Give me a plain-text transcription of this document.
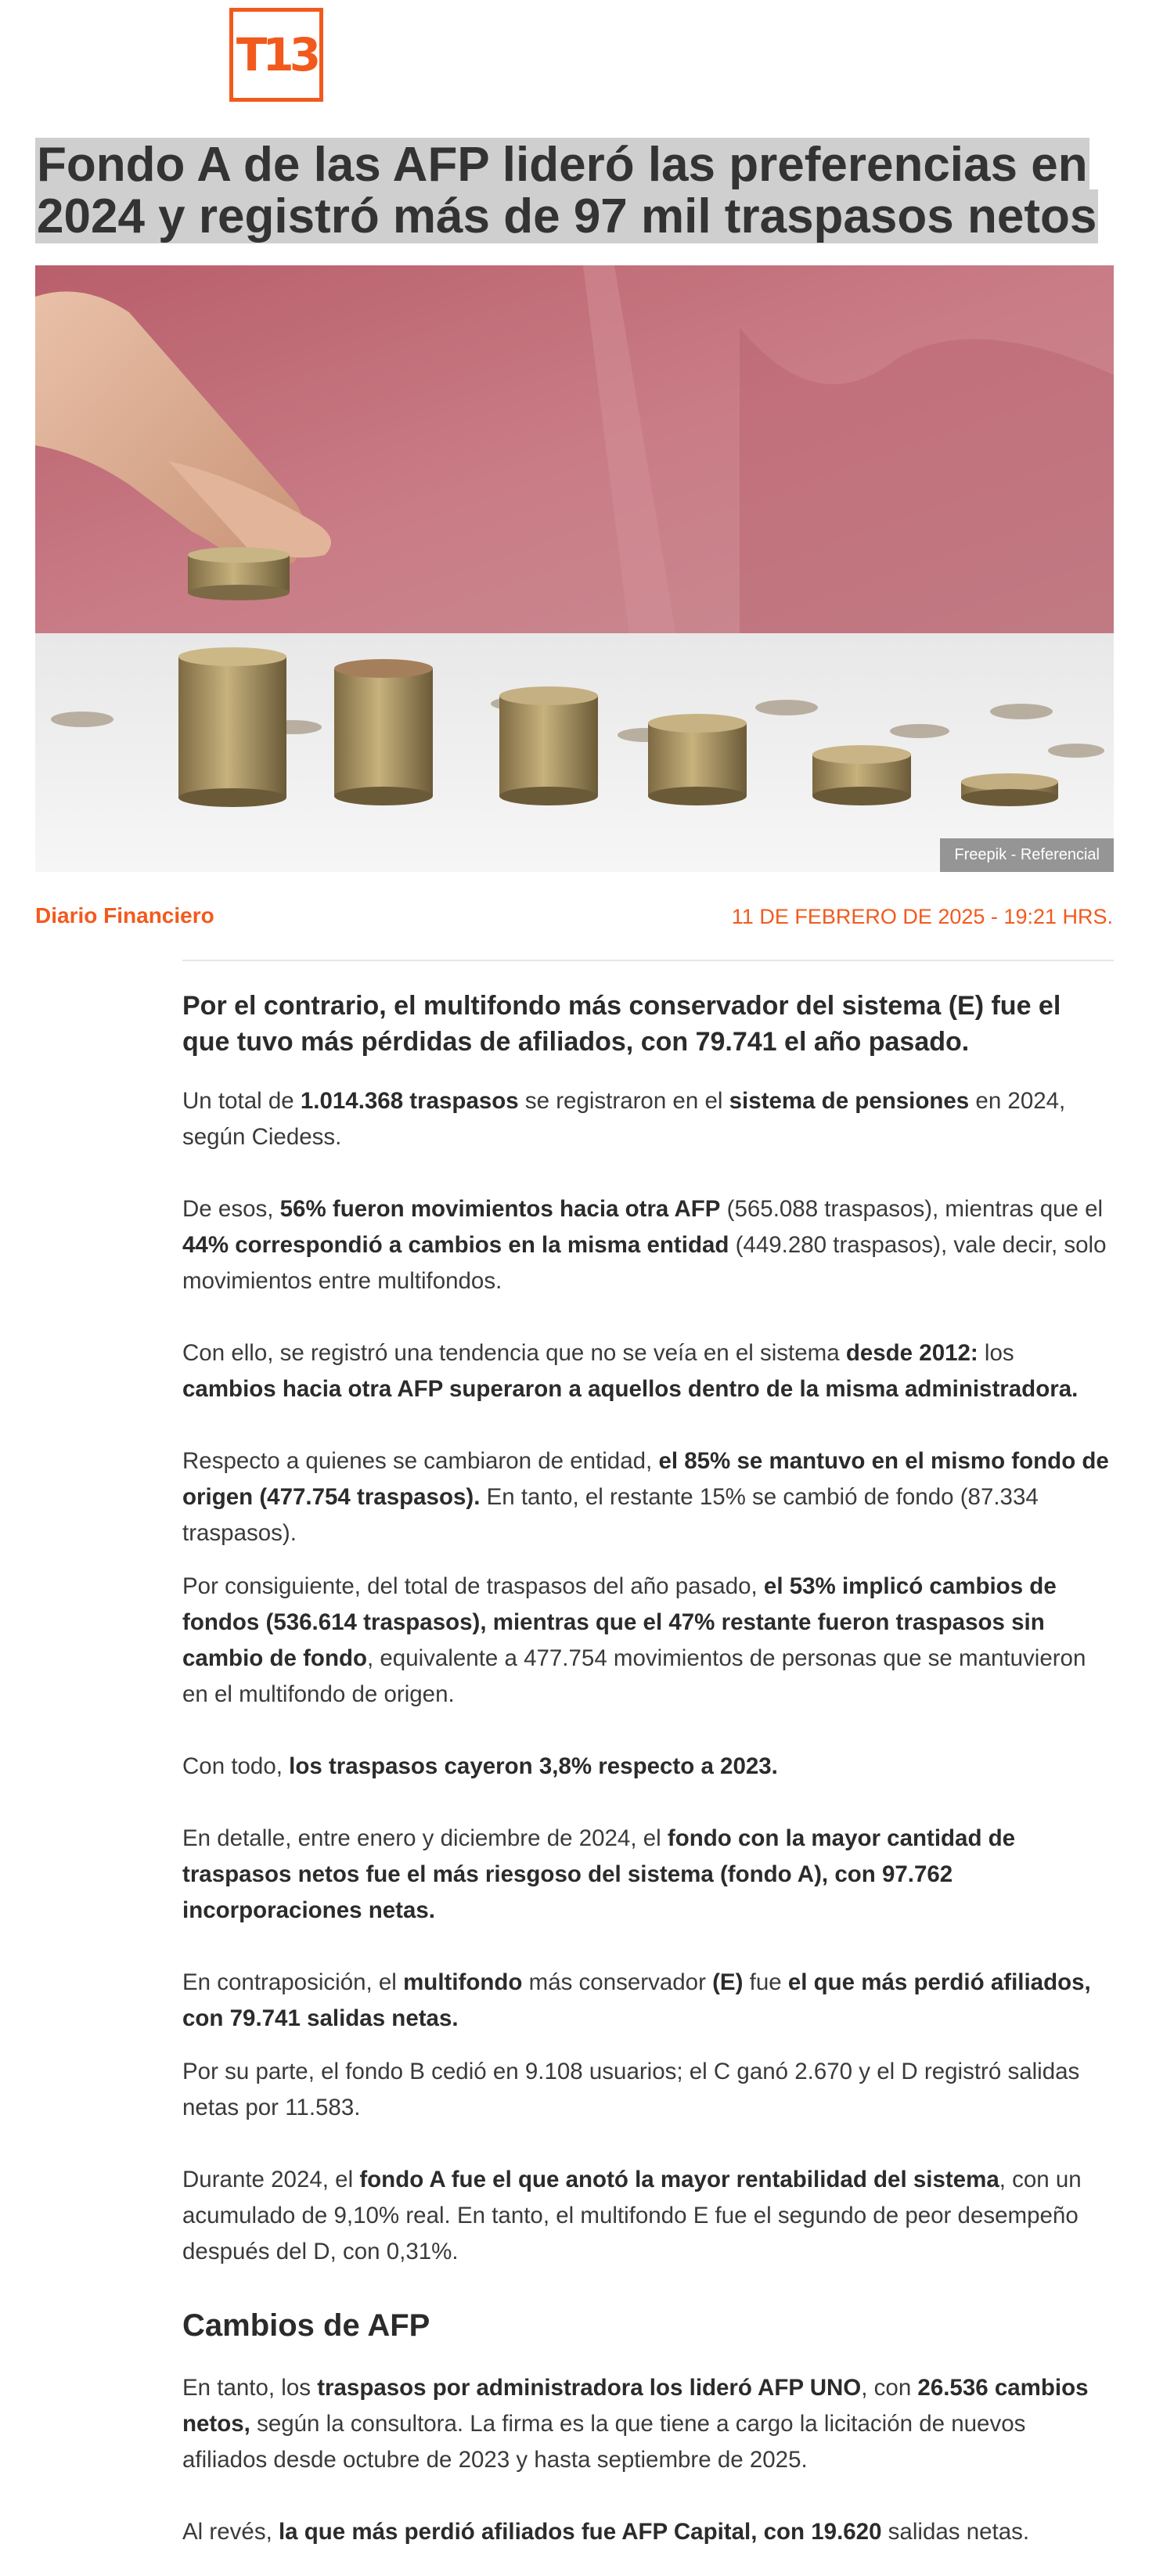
T13
Fondo A de las AFP lideró las preferencias en 2024 y registró más de 97 mil traspasos netos
Freepik - Referencial
Diario Financiero	11 DE FEBRERO DE 2025 - 19:21 HRS.

Por el contrario, el multifondo más conservador del sistema (E) fue el que tuvo más pérdidas de afiliados, con 79.741 el año pasado.

Un total de 1.014.368 traspasos se registraron en el sistema de pensiones en 2024, según Ciedess.

De esos, 56% fueron movimientos hacia otra AFP (565.088 traspasos), mientras que el 44% correspondió a cambios en la misma entidad (449.280 traspasos), vale decir, solo movimientos entre multifondos.

Con ello, se registró una tendencia que no se veía en el sistema desde 2012: los cambios hacia otra AFP superaron a aquellos dentro de la misma administradora.

Respecto a quienes se cambiaron de entidad, el 85% se mantuvo en el mismo fondo de origen (477.754 traspasos). En tanto, el restante 15% se cambió de fondo (87.334 traspasos).

Por consiguiente, del total de traspasos del año pasado, el 53% implicó cambios de fondos (536.614 traspasos), mientras que el 47% restante fueron traspasos sin cambio de fondo, equivalente a 477.754 movimientos de personas que se mantuvieron en el multifondo de origen.

Con todo, los traspasos cayeron 3,8% respecto a 2023.

En detalle, entre enero y diciembre de 2024, el fondo con la mayor cantidad de traspasos netos fue el más riesgoso del sistema (fondo A), con 97.762 incorporaciones netas.

En contraposición, el multifondo más conservador (E) fue el que más perdió afiliados, con 79.741 salidas netas.

Por su parte, el fondo B cedió en 9.108 usuarios; el C ganó 2.670 y el D registró salidas netas por 11.583.

Durante 2024, el fondo A fue el que anotó la mayor rentabilidad del sistema, con un acumulado de 9,10% real. En tanto, el multifondo E fue el segundo de peor desempeño después del D, con 0,31%.

Cambios de AFP

En tanto, los traspasos por administradora los lideró AFP UNO, con 26.536 cambios netos, según la consultora. La firma es la que tiene a cargo la licitación de nuevos afiliados desde octubre de 2023 y hasta septiembre de 2025.

Al revés, la que más perdió afiliados fue AFP Capital, con 19.620 salidas netas.
